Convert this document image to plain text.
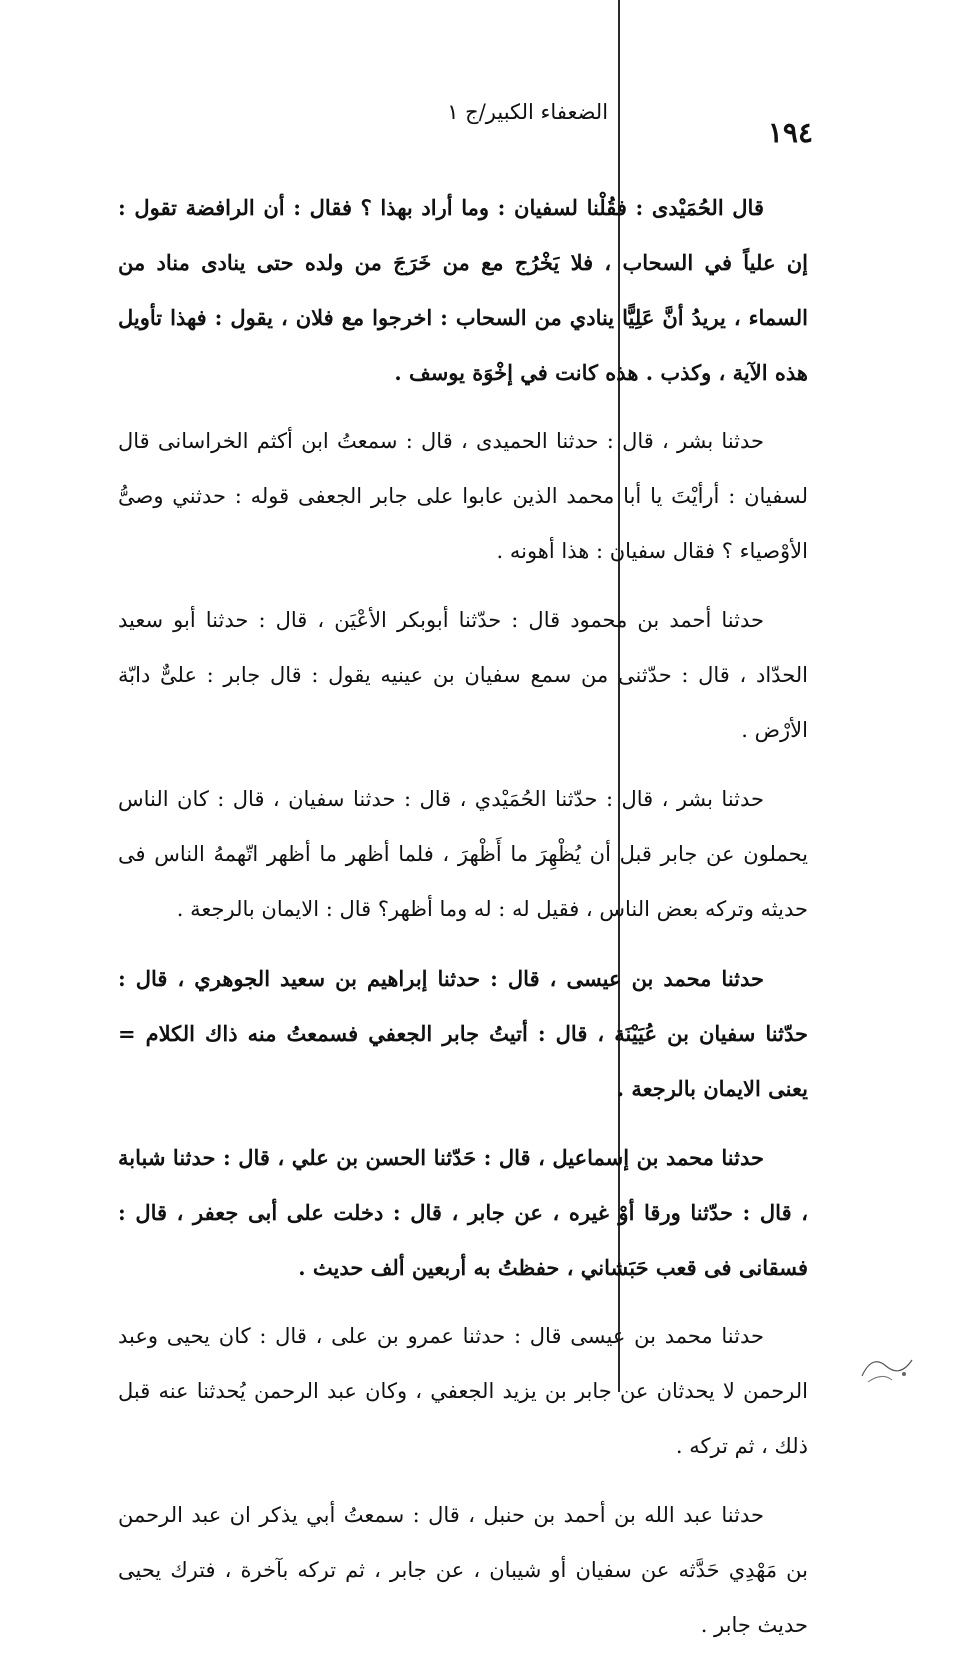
الضعفاء الكبير/ج ١
١٩٤

قال الحُمَيْدى : فقُلْنا لسفيان : وما أراد بهذا ؟ فقال : أن الرافضة تقول : إن علياً في السحاب ، فلا يَخْرُج مع من خَرَجَ من ولده حتى ينادى مناد من السماء ، يريدُ أنَّ عَلِيًّا ينادي من السحاب : اخرجوا مع فلان ، يقول : فهذا تأويل هذه الآية ، وكذب . هذه كانت في إخْوَة يوسف .

حدثنا بشر ، قال : حدثنا الحميدى ، قال : سمعتُ ابن أكثم الخراسانى قال لسفيان : أرأيْتَ يا أبا محمد الذين عابوا على جابر الجعفى قوله : حدثني وصىُّ الأوْصياء ؟ فقال سفيان : هذا أهونه .

حدثنا أحمد بن محمود قال : حدّثنا أبوبكر الأعْيَن ، قال : حدثنا أبو سعيد الحدّاد ، قال : حدّثنى من سمع سفيان بن عينيه يقول : قال جابر : علىٌّ دابّة الأرْض .

حدثنا بشر ، قال : حدّثنا الحُمَيْدي ، قال : حدثنا سفيان ، قال : كان الناس يحملون عن جابر قبل أن يُظْهِرَ ما أَظْهرَ ، فلما أظهر ما أظهر اتّهمهُ الناس فى حديثه وتركه بعض الناس ، فقيل له : له وما أظهر؟ قال : الايمان بالرجعة .

حدثنا محمد بن عيسى ، قال : حدثنا إبراهيم بن سعيد الجوهري ، قال : حدّثنا سفيان بن عُيَيْنَة ، قال : أتيتُ جابر الجعفي فسمعتُ منه ذاك الكلام = يعنى الايمان بالرجعة .

حدثنا محمد بن إسماعيل ، قال : حَدّثنا الحسن بن علي ، قال : حدثنا شبابة ، قال : حدّثنا ورقا أوْ غيره ، عن جابر ، قال : دخلت على أبى جعفر ، قال : فسقانى فى قعب حَبَشاني ، حفظتُ به أربعين ألف حديث .

حدثنا محمد بن عيسى قال : حدثنا عمرو بن على ، قال : كان يحيى وعبد الرحمن لا يحدثان عن جابر بن يزيد الجعفي ، وكان عبد الرحمن يُحدثنا عنه قبل ذلك ، ثم تركه .

حدثنا عبد الله بن أحمد بن حنبل ، قال : سمعتُ أبي يذكر ان عبد الرحمن بن مَهْدِي حَدَّثه عن سفيان أو شيبان ، عن جابر ، ثم تركه بآخرة ، فترك يحيى حديث جابر .
